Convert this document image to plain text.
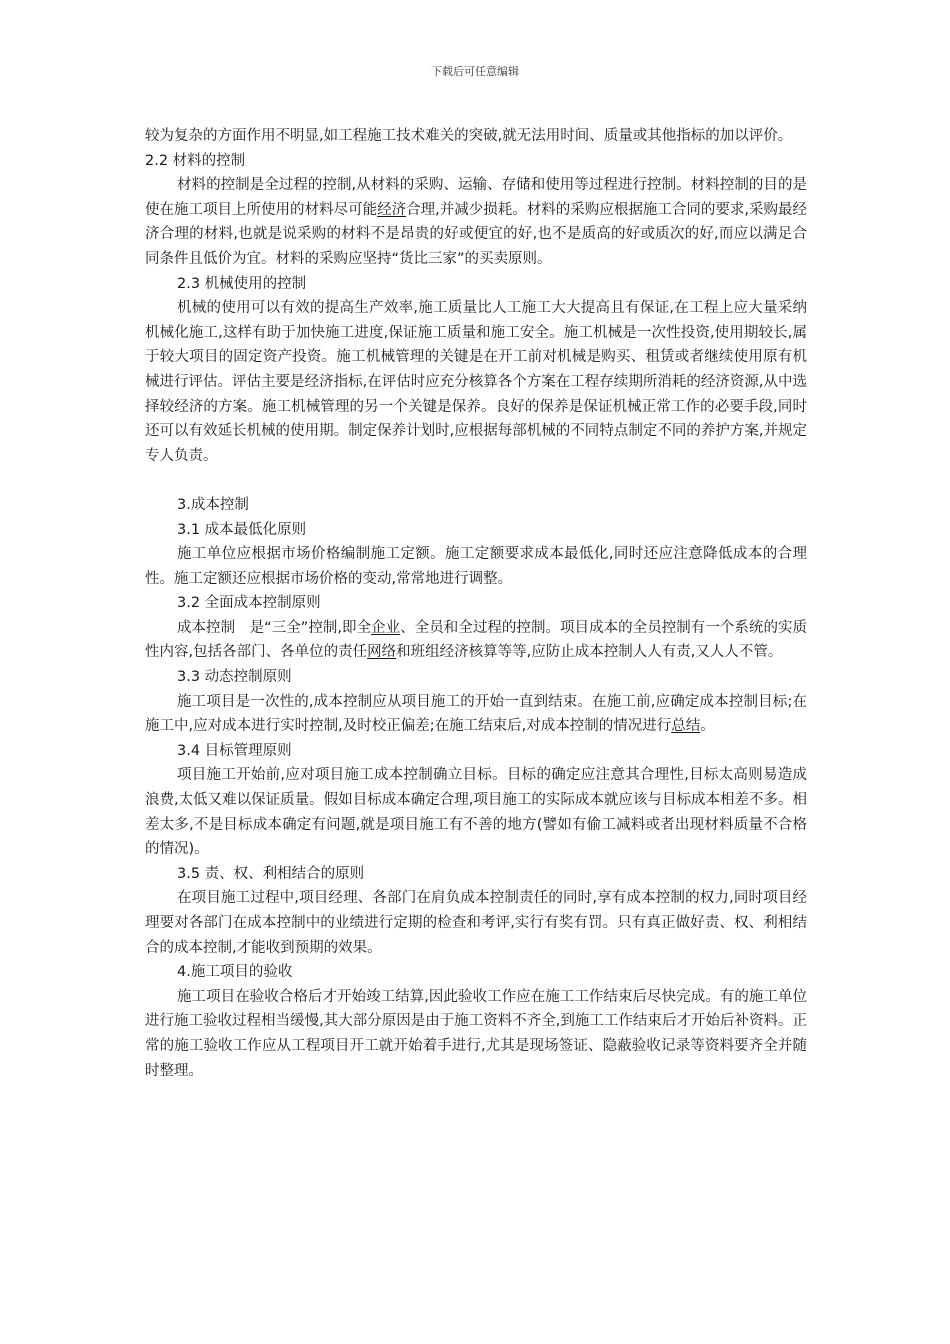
下载后可任意编辑

较为复杂的方面作用不明显,如工程施工技术难关的突破,就无法用时间、质量或其他指标的加以评价。

2.2 材料的控制

材料的控制是全过程的控制,从材料的采购、运输、存储和使用等过程进行控制。材料控制的目的是使在施工项目上所使用的材料尽可能经济合理,并减少损耗。材料的采购应根据施工合同的要求,采购最经济合理的材料,也就是说采购的材料不是昂贵的好或便宜的好,也不是质高的好或质次的好,而应以满足合同条件且低价为宜。材料的采购应坚持“货比三家”的买卖原则。

2.3 机械使用的控制

机械的使用可以有效的提高生产效率,施工质量比人工施工大大提高且有保证,在工程上应大量采纳机械化施工,这样有助于加快施工进度,保证施工质量和施工安全。施工机械是一次性投资,使用期较长,属于较大项目的固定资产投资。施工机械管理的关键是在开工前对机械是购买、租赁或者继续使用原有机械进行评估。评估主要是经济指标,在评估时应充分核算各个方案在工程存续期所消耗的经济资源,从中选择较经济的方案。施工机械管理的另一个关键是保养。良好的保养是保证机械正常工作的必要手段,同时还可以有效延长机械的使用期。制定保养计划时,应根据每部机械的不同特点制定不同的养护方案,并规定专人负责。

3.成本控制

3.1 成本最低化原则

施工单位应根据市场价格编制施工定额。施工定额要求成本最低化,同时还应注意降低成本的合理性。施工定额还应根据市场价格的变动,常常地进行调整。

3.2 全面成本控制原则

成本控制　是“三全”控制,即全企业、全员和全过程的控制。项目成本的全员控制有一个系统的实质性内容,包括各部门、各单位的责任网络和班组经济核算等等,应防止成本控制人人有责,又人人不管。

3.3 动态控制原则

施工项目是一次性的,成本控制应从项目施工的开始一直到结束。在施工前,应确定成本控制目标;在施工中,应对成本进行实时控制,及时校正偏差;在施工结束后,对成本控制的情况进行总结。

3.4 目标管理原则

项目施工开始前,应对项目施工成本控制确立目标。目标的确定应注意其合理性,目标太高则易造成浪费,太低又难以保证质量。假如目标成本确定合理,项目施工的实际成本就应该与目标成本相差不多。相差太多,不是目标成本确定有问题,就是项目施工有不善的地方(譬如有偷工减料或者出现材料质量不合格的情况)。

3.5 责、权、利相结合的原则

在项目施工过程中,项目经理、各部门在肩负成本控制责任的同时,享有成本控制的权力,同时项目经理要对各部门在成本控制中的业绩进行定期的检查和考评,实行有奖有罚。只有真正做好责、权、利相结合的成本控制,才能收到预期的效果。

4.施工项目的验收

施工项目在验收合格后才开始竣工结算,因此验收工作应在施工工作结束后尽快完成。有的施工单位进行施工验收过程相当缓慢,其大部分原因是由于施工资料不齐全,到施工工作结束后才开始后补资料。正常的施工验收工作应从工程项目开工就开始着手进行,尤其是现场签证、隐蔽验收记录等资料要齐全并随时整理。
